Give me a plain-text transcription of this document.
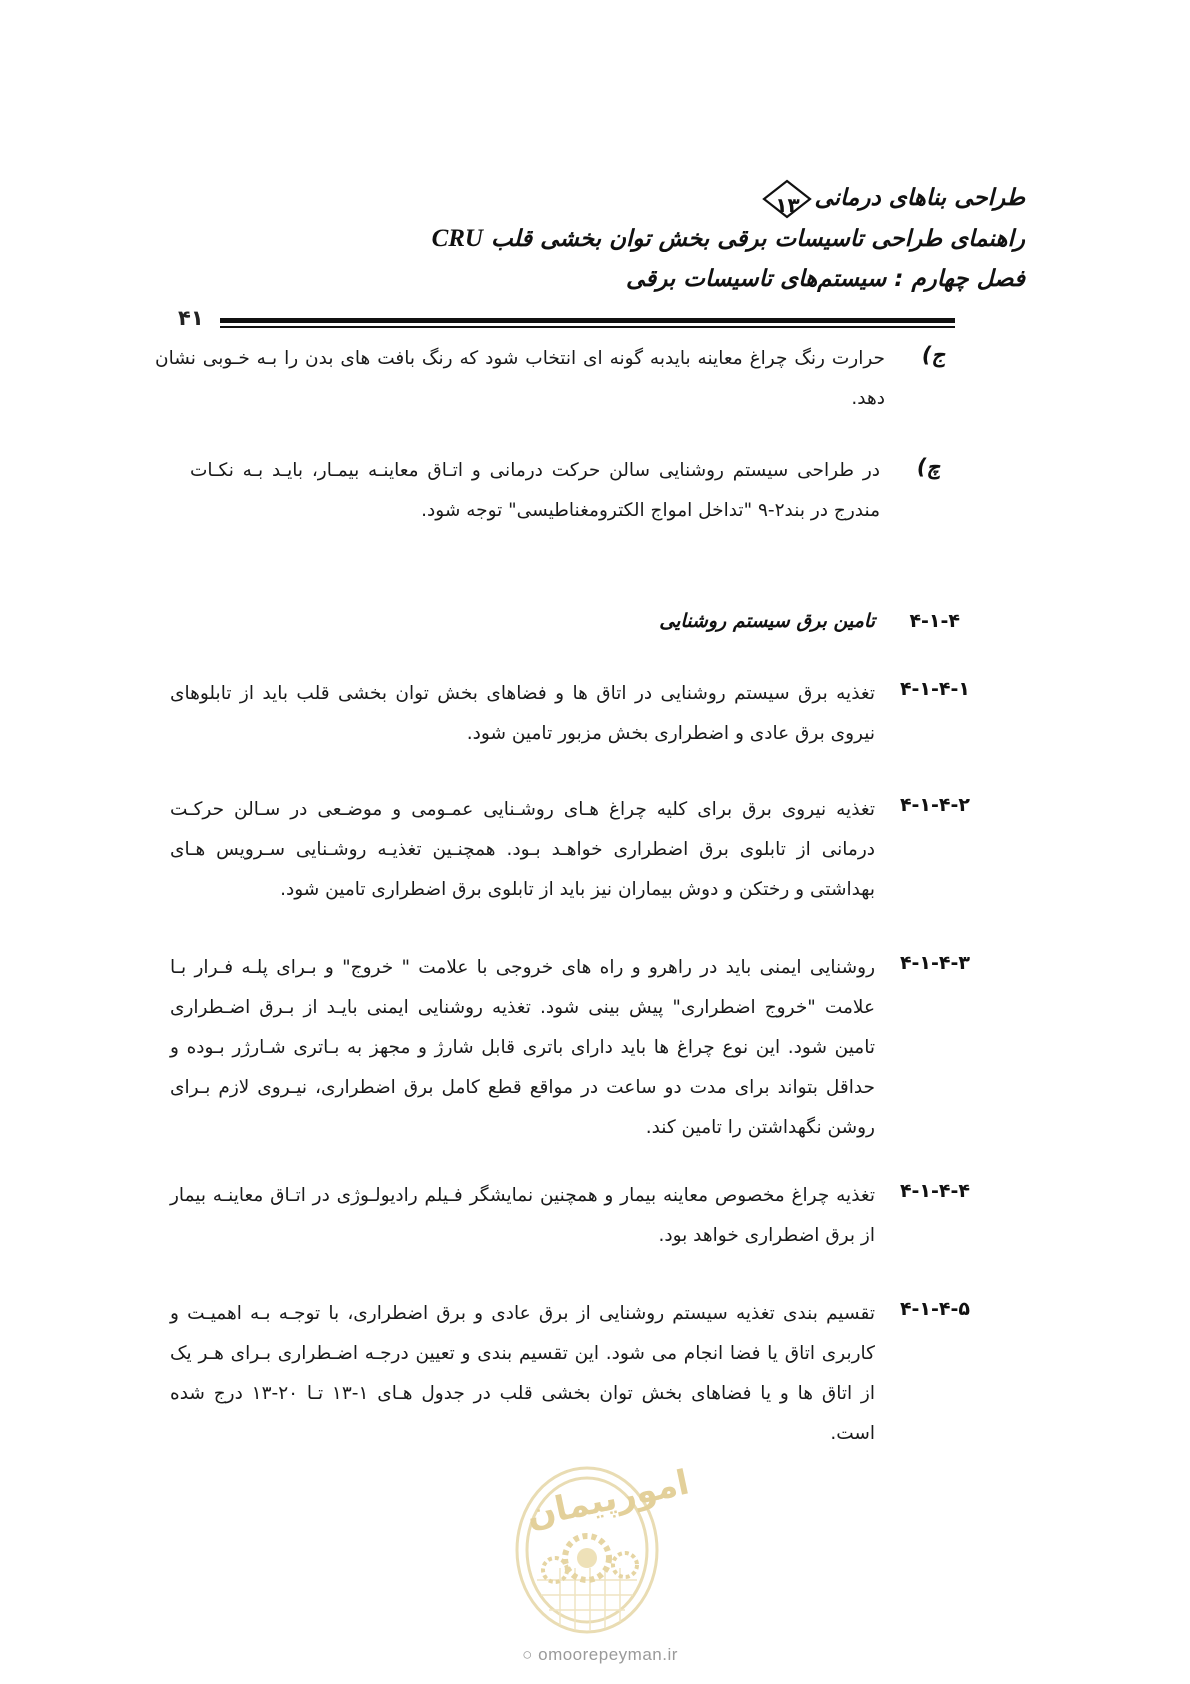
طراحی بناهای درمانی
۱۳
راهنمای طراحی تاسیسات برقی بخش توان بخشی قلبCRU
فصل چهارم : سیستم‌های تاسیسات برقی
۴۱
ج)
حرارت رنگ چراغ معاینه بایدبه گونه ای انتخاب شود که رنگ بافت های بدن را بـه خـوبی نشان دهد.
چ)
در طراحی سیستم روشنایی سالن حرکت درمانی و اتـاق معاینـه بیمـار، بایـد بـه نکـات مندرج در بند۲-۹ "تداخل امواج الکترومغناطیسی" توجه شود.
۴-۱-۴
تامین برق سیستم روشنایی
۴-۱-۴-۱
تغذیه برق سیستم روشنایی در اتاق ها و فضاهای بخش توان بخشی قلب باید از تابلوهای نیروی برق عادی و اضطراری بخش مزبور تامین شود.
۴-۱-۴-۲
تغذیه نیروی برق برای کلیه چراغ هـای روشـنایی عمـومی و موضـعی در سـالن حرکـت درمانی از تابلوی برق اضطراری خواهـد بـود. همچنـین تغذیـه روشـنایی سـرویس هـای بهداشتی و رختکن و دوش بیماران نیز باید از تابلوی برق اضطراری تامین شود.
۴-۱-۴-۳
روشنایی ایمنی باید در راهرو و راه های خروجی با علامت " خروج" و بـرای پلـه فـرار بـا علامت "خروج اضطراری" پیش بینی شود. تغذیه روشنایی ایمنی بایـد از بـرق اضـطراری تامین شود. این نوع چراغ ها باید دارای باتری قابل شارژ و مجهز به بـاتری شـارژر بـوده و حداقل بتواند برای مدت دو ساعت در مواقع قطع کامل برق اضطراری، نیـروی لازم بـرای روشن نگهداشتن را تامین کند.
۴-۱-۴-۴
تغذیه چراغ مخصوص معاینه بیمار و همچنین نمایشگر فـیلم رادیولـوژی در اتـاق معاینـه بیمار از برق اضطراری خواهد بود.
۴-۱-۴-۵
تقسیم بندی تغذیه سیستم روشنایی از برق عادی و برق اضطراری، با توجـه بـه اهمیـت و کاربری اتاق یا فضا انجام می شود. این تقسیم بندی و تعیین درجـه اضـطراری بـرای هـر یک از اتاق ها و یا فضاهای بخش توان بخشی قلب در جدول هـای ۱-۱۳ تـا ۲۰-۱۳ درج شده است.
امورپیمان
○ omoorepeyman.ir
